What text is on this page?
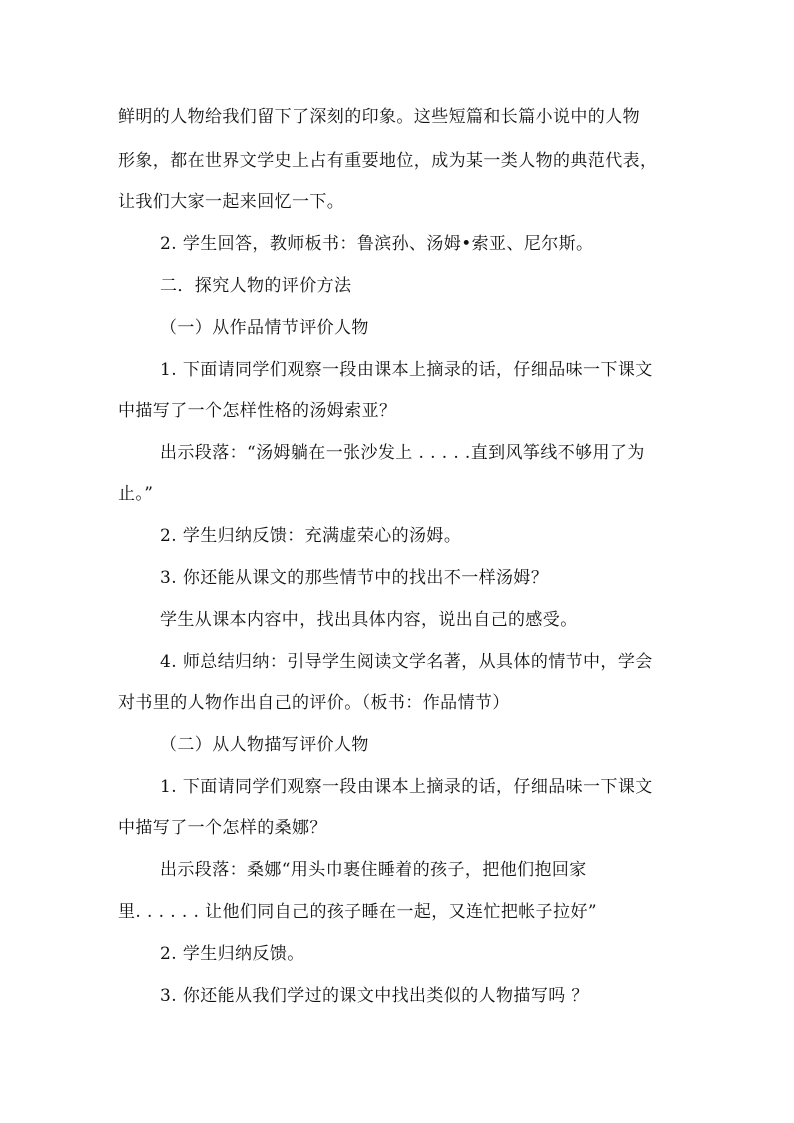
鲜明的人物给我们留下了深刻的印象。这些短篇和长篇小说中的人物
形象，都在世界文学史上占有重要地位，成为某一类人物的典范代表，
让我们大家一起来回忆一下。
2. 学生回答，教师板书：鲁滨孙、汤姆•索亚、尼尔斯。
二．探究人物的评价方法
（一）从作品情节评价人物
1. 下面请同学们观察一段由课本上摘录的话，仔细品味一下课文
中描写了一个怎样性格的汤姆索亚？
出示段落：“汤姆躺在一张沙发上 . . . . .直到风筝线不够用了为
止。”
2. 学生归纳反馈：充满虚荣心的汤姆。
3. 你还能从课文的那些情节中的找出不一样汤姆？
学生从课本内容中，找出具体内容，说出自己的感受。
4. 师总结归纳：引导学生阅读文学名著，从具体的情节中，学会
对书里的人物作出自己的评价。（板书：作品情节）
（二）从人物描写评价人物
1. 下面请同学们观察一段由课本上摘录的话，仔细品味一下课文
中描写了一个怎样的桑娜？
出示段落：桑娜“用头巾裹住睡着的孩子，把他们抱回家
里. . . . . . 让他们同自己的孩子睡在一起，又连忙把帐子拉好”
2. 学生归纳反馈。
3. 你还能从我们学过的课文中找出类似的人物描写吗 ？
